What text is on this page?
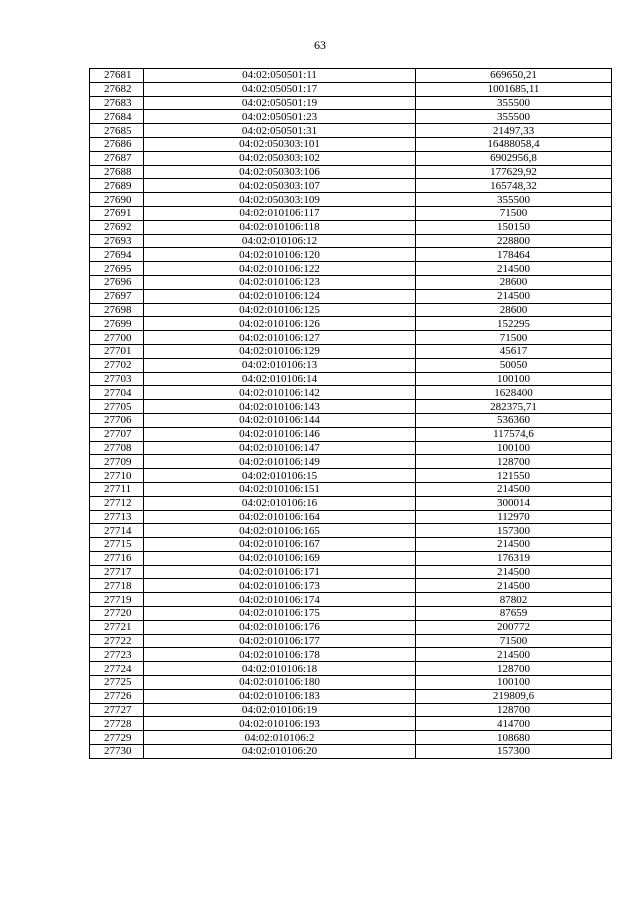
63
27681	04:02:050501:11	669650,21
27682	04:02:050501:17	1001685,11
27683	04:02:050501:19	355500
27684	04:02:050501:23	355500
27685	04:02:050501:31	21497,33
27686	04:02:050303:101	16488058,4
27687	04:02:050303:102	6902956,8
27688	04:02:050303:106	177629,92
27689	04:02:050303:107	165748,32
27690	04:02:050303:109	355500
27691	04:02:010106:117	71500
27692	04:02:010106:118	150150
27693	04:02:010106:12	228800
27694	04:02:010106:120	178464
27695	04:02:010106:122	214500
27696	04:02:010106:123	28600
27697	04:02:010106:124	214500
27698	04:02:010106:125	28600
27699	04:02:010106:126	152295
27700	04:02:010106:127	71500
27701	04:02:010106:129	45617
27702	04:02:010106:13	50050
27703	04:02:010106:14	100100
27704	04:02:010106:142	1628400
27705	04:02:010106:143	282375,71
27706	04:02:010106:144	536360
27707	04:02:010106:146	117574,6
27708	04:02:010106:147	100100
27709	04:02:010106:149	128700
27710	04:02:010106:15	121550
27711	04:02:010106:151	214500
27712	04:02:010106:16	300014
27713	04:02:010106:164	112970
27714	04:02:010106:165	157300
27715	04:02:010106:167	214500
27716	04:02:010106:169	176319
27717	04:02:010106:171	214500
27718	04:02:010106:173	214500
27719	04:02:010106:174	87802
27720	04:02:010106:175	87659
27721	04:02:010106:176	200772
27722	04:02:010106:177	71500
27723	04:02:010106:178	214500
27724	04:02:010106:18	128700
27725	04:02:010106:180	100100
27726	04:02:010106:183	219809,6
27727	04:02:010106:19	128700
27728	04:02:010106:193	414700
27729	04:02:010106:2	108680
27730	04:02:010106:20	157300
